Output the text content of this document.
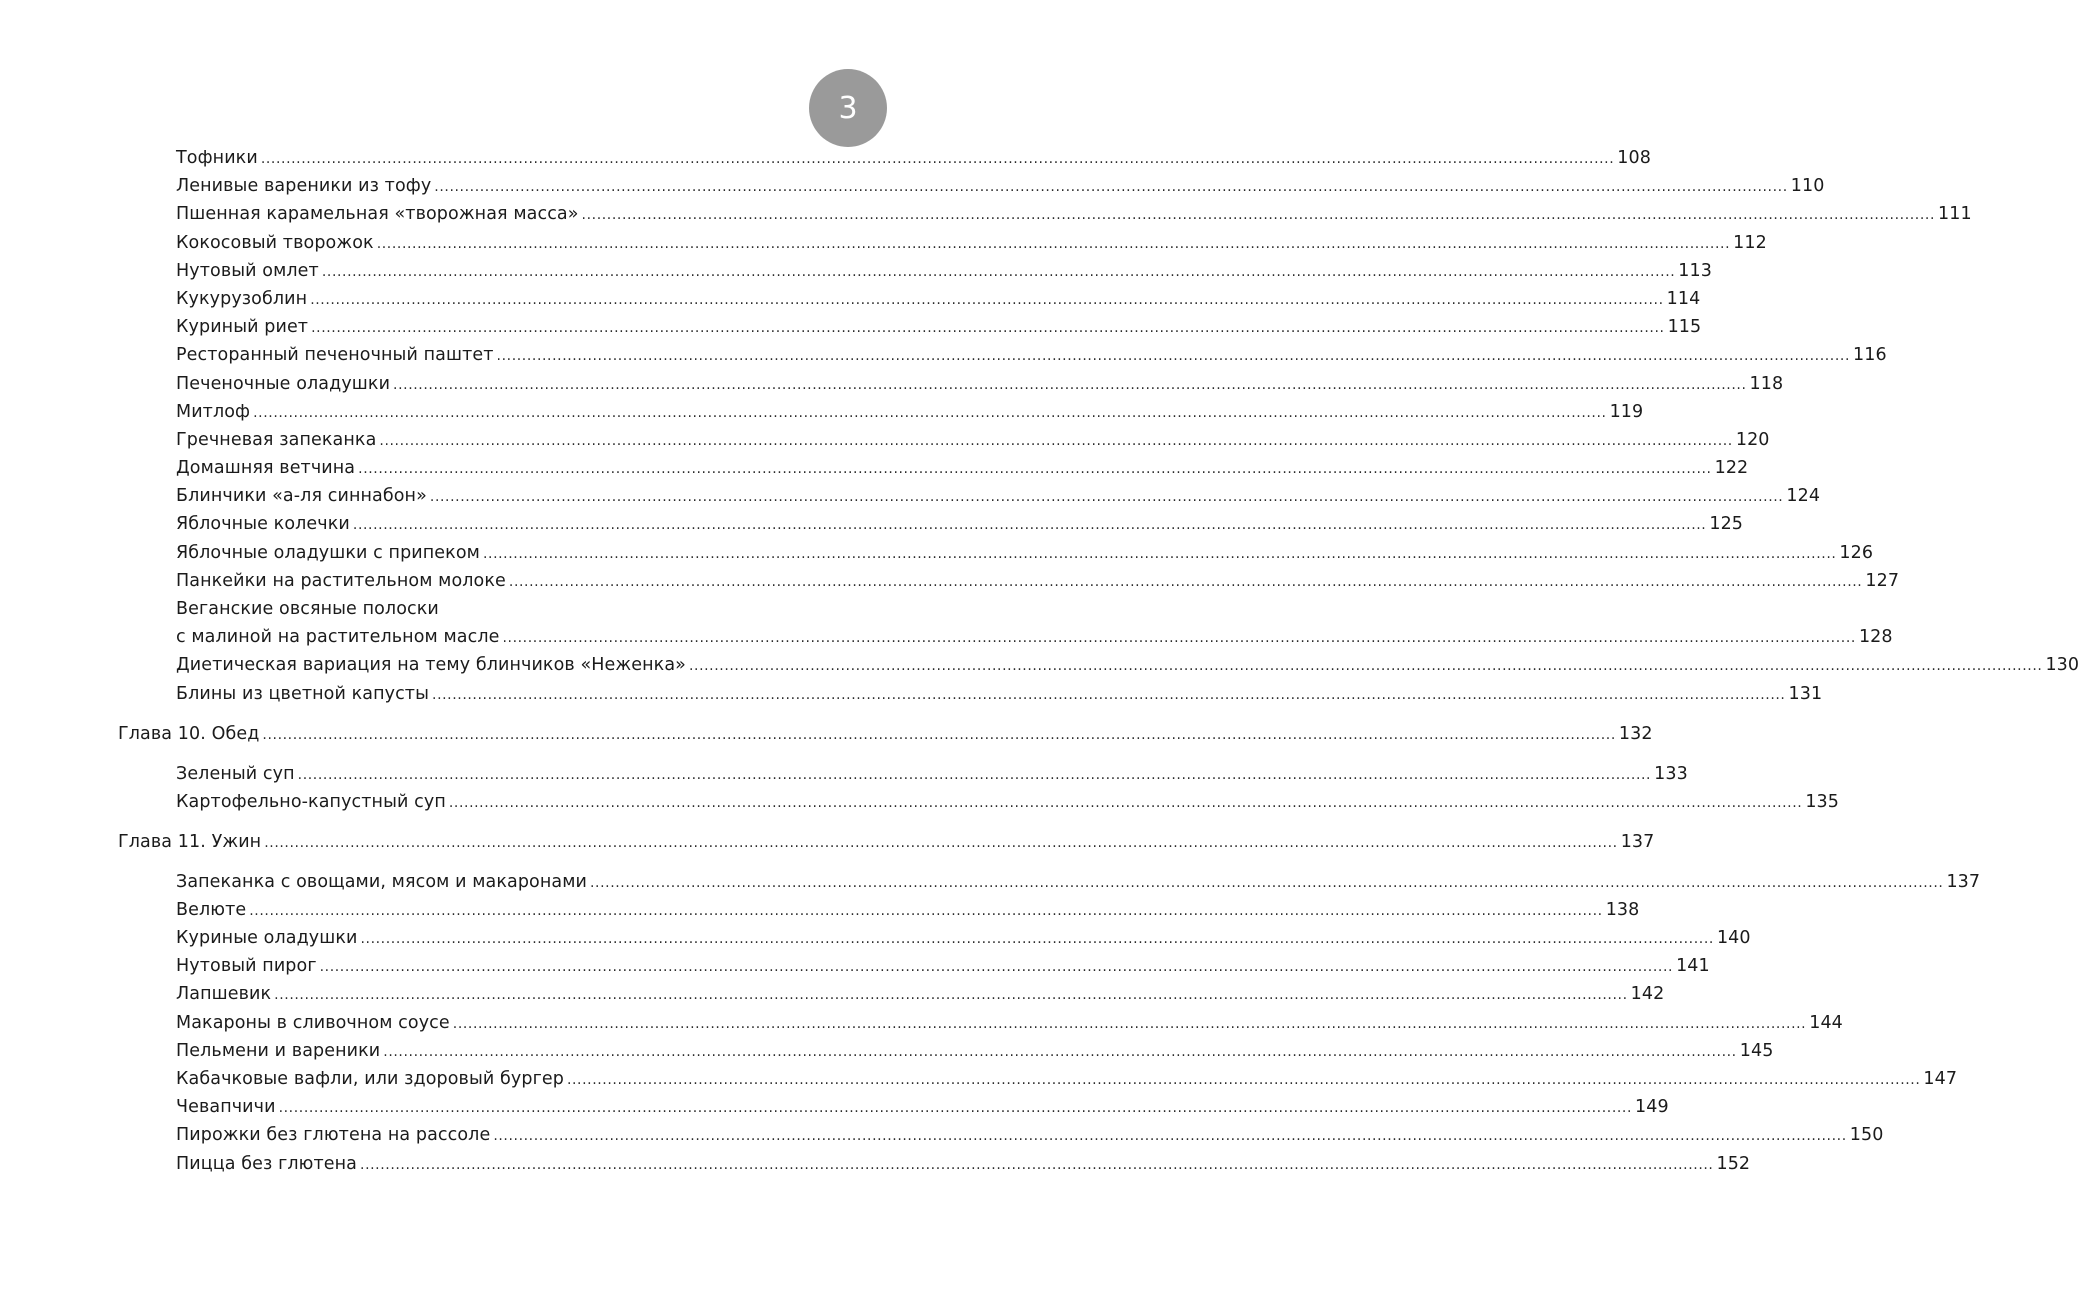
3
Тофники .....	108
Ленивые вареники из тофу .....	110
Пшенная карамельная «творожная масса» .....	111
Кокосовый творожок .....	112
Нутовый омлет .....	113
Кукурузоблин .....	114
Куриный риет .....	115
Ресторанный печеночный паштет .....	116
Печеночные оладушки .....	118
Митлоф .....	119
Гречневая запеканка .....	120
Домашняя ветчина .....	122
Блинчики «а-ля синнабон» .....	124
Яблочные колечки .....	125
Яблочные оладушки с припеком .....	126
Панкейки на растительном молоке .....	127
Веганские овсяные полоски
с малиной на растительном масле .....	128
Диетическая вариация на тему блинчиков «Неженка» .....	130
Блины из цветной капусты .....	131
Глава 10. Обед .....	132
Зеленый суп .....	133
Картофельно-капустный суп .....	135
Глава 11. Ужин .....	137
Запеканка с овощами, мясом и макаронами .....	137
Велюте .....	138
Куриные оладушки .....	140
Нутовый пирог .....	141
Лапшевик .....	142
Макароны в сливочном соусе .....	144
Пельмени и вареники .....	145
Кабачковые вафли, или здоровый бургер .....	147
Чевапчичи .....	149
Пирожки без глютена на рассоле .....	150
Пицца без глютена .....	152
